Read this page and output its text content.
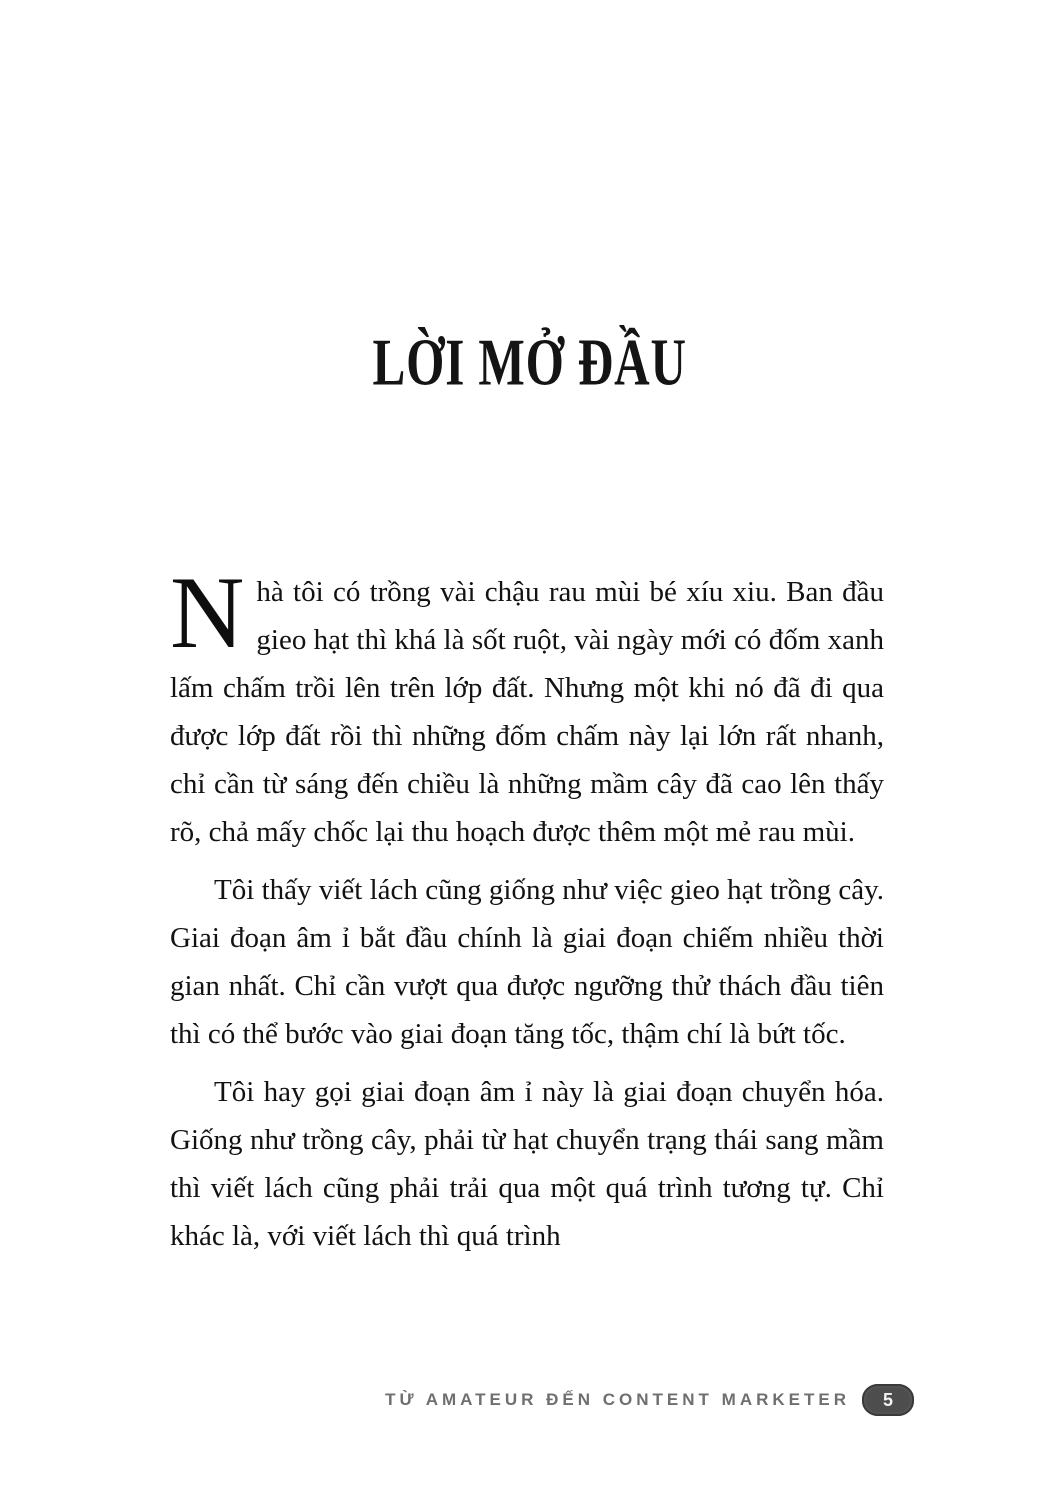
LỜI MỞ ĐẦU

Nhà tôi có trồng vài chậu rau mùi bé xíu xiu. Ban đầu gieo hạt thì khá là sốt ruột, vài ngày mới có đốm xanh lấm chấm trồi lên trên lớp đất. Nhưng một khi nó đã đi qua được lớp đất rồi thì những đốm chấm này lại lớn rất nhanh, chỉ cần từ sáng đến chiều là những mầm cây đã cao lên thấy rõ, chả mấy chốc lại thu hoạch được thêm một mẻ rau mùi.

Tôi thấy viết lách cũng giống như việc gieo hạt trồng cây. Giai đoạn âm ỉ bắt đầu chính là giai đoạn chiếm nhiều thời gian nhất. Chỉ cần vượt qua được ngưỡng thử thách đầu tiên thì có thể bước vào giai đoạn tăng tốc, thậm chí là bứt tốc.

Tôi hay gọi giai đoạn âm ỉ này là giai đoạn chuyển hóa. Giống như trồng cây, phải từ hạt chuyển trạng thái sang mầm thì viết lách cũng phải trải qua một quá trình tương tự. Chỉ khác là, với viết lách thì quá trình

TỪ AMATEUR ĐẾN CONTENT MARKETER 5
